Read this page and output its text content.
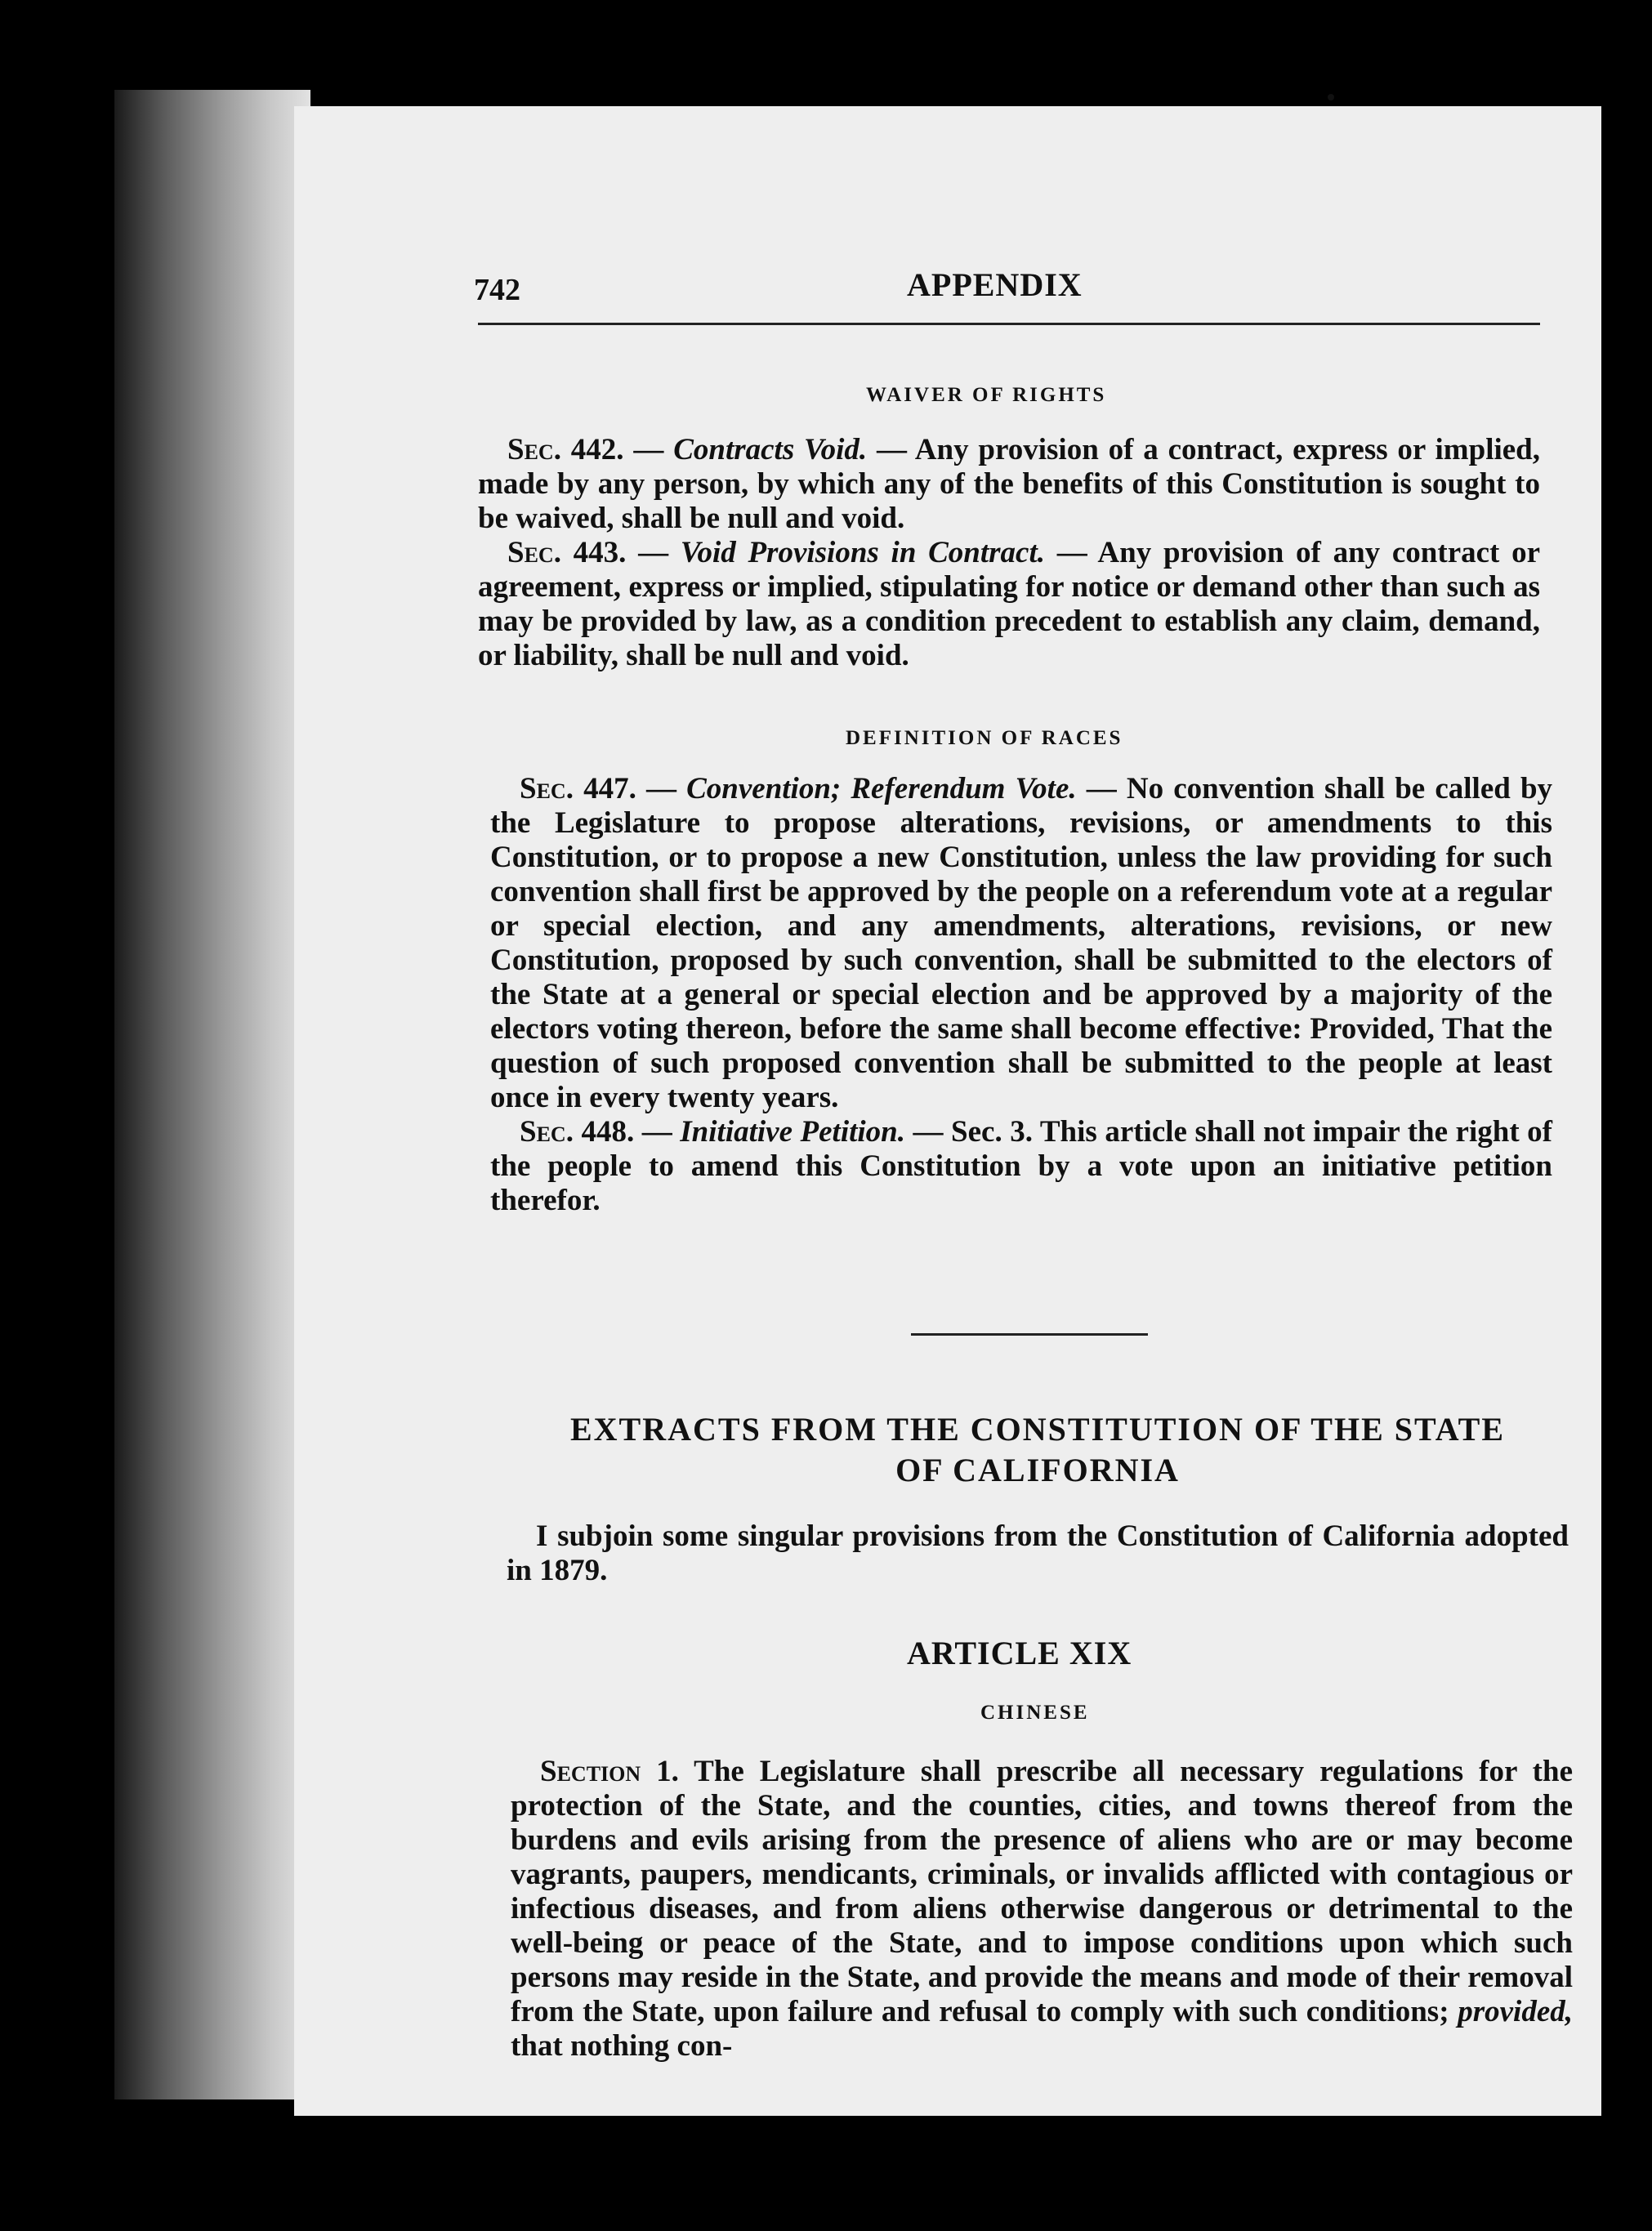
742	APPENDIX
WAIVER OF RIGHTS

Sec. 442. — Contracts Void. — Any provision of a contract, express or implied, made by any person, by which any of the benefits of this Constitution is sought to be waived, shall be null and void.

Sec. 443. — Void Provisions in Contract. — Any provision of any contract or agreement, express or implied, stipulating for notice or demand other than such as may be provided by law, as a condition precedent to establish any claim, demand, or liability, shall be null and void.

DEFINITION OF RACES

Sec. 447. — Convention; Referendum Vote. — No convention shall be called by the Legislature to propose alterations, revisions, or amendments to this Constitution, or to propose a new Constitution, unless the law providing for such convention shall first be approved by the people on a referendum vote at a regular or special election, and any amendments, alterations, revisions, or new Constitution, proposed by such convention, shall be submitted to the electors of the State at a general or special election and be approved by a majority of the electors voting thereon, before the same shall become effective: Provided, That the question of such proposed convention shall be submitted to the people at least once in every twenty years.

Sec. 448. — Initiative Petition. — Sec. 3. This article shall not impair the right of the people to amend this Constitution by a vote upon an initiative petition therefor.

EXTRACTS FROM THE CONSTITUTION OF THE STATE
OF CALIFORNIA

I subjoin some singular provisions from the Constitution of California adopted in 1879.

ARTICLE XIX
CHINESE

Section 1. The Legislature shall prescribe all necessary regulations for the protection of the State, and the counties, cities, and towns thereof from the burdens and evils arising from the presence of aliens who are or may become vagrants, paupers, mendicants, criminals, or invalids afflicted with contagious or infectious diseases, and from aliens otherwise dangerous or detrimental to the well-being or peace of the State, and to impose conditions upon which such persons may reside in the State, and provide the means and mode of their removal from the State, upon failure and refusal to comply with such conditions; provided, that nothing con-
